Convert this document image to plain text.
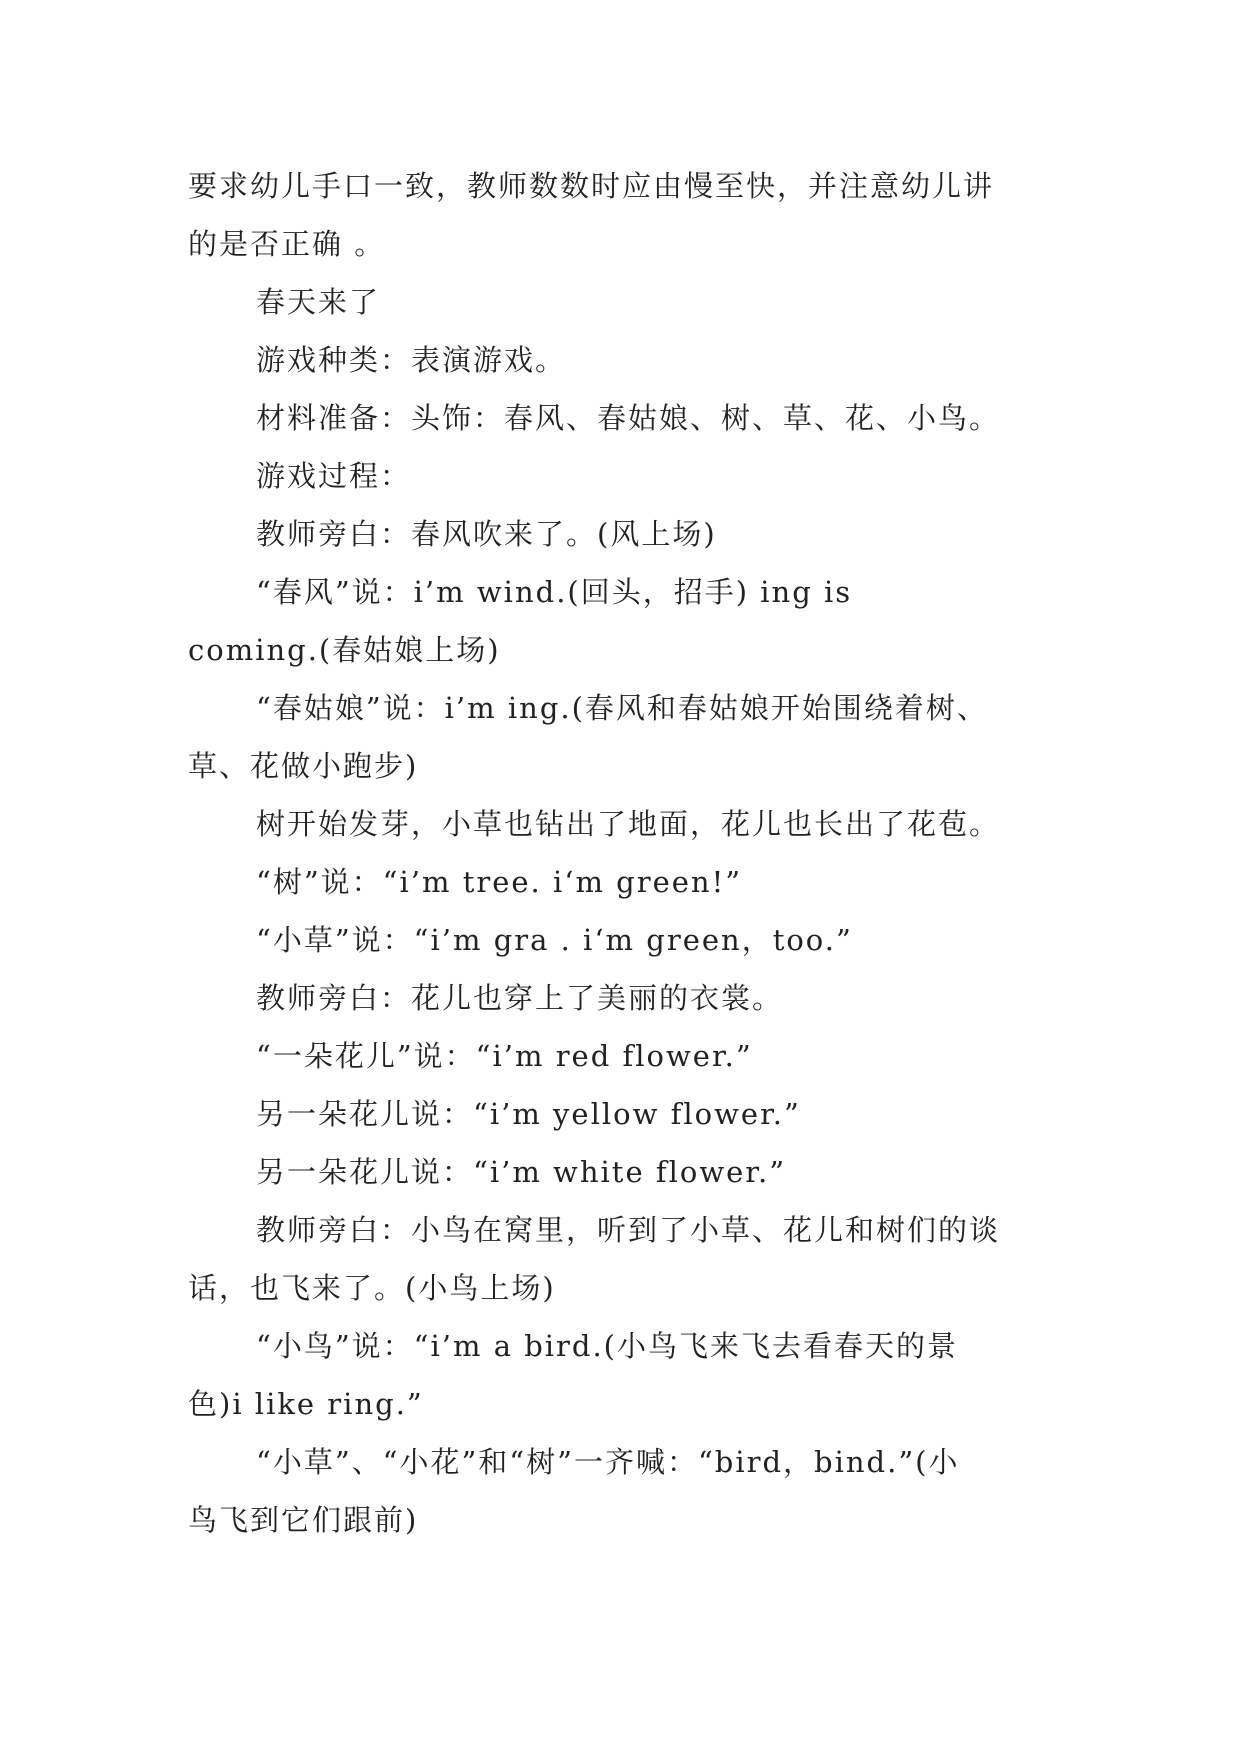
要求幼儿手口一致，教师数数时应由慢至快，并注意幼儿讲

的是否正确 。

春天来了

游戏种类：表演游戏。

材料准备：头饰：春风、春姑娘、树、草、花、小鸟。

游戏过程：

教师旁白：春风吹来了。(风上场)

“春风”说：i’m wind.(回头，招手) ing is

coming.(春姑娘上场)

“春姑娘”说：i’m ing.(春风和春姑娘开始围绕着树、

草、花做小跑步)

树开始发芽，小草也钻出了地面，花儿也长出了花苞。

“树”说：“i’m tree. i‘m green!”

“小草”说：“i’m gra . i‘m green，too.”

教师旁白：花儿也穿上了美丽的衣裳。

“一朵花儿”说：“i’m red flower.”

另一朵花儿说：“i’m yellow flower.”

另一朵花儿说：“i’m white flower.”

教师旁白：小鸟在窝里，听到了小草、花儿和树们的谈

话，也飞来了。(小鸟上场)

“小鸟”说：“i’m a bird.(小鸟飞来飞去看春天的景

色)i like ring.”

“小草”、“小花”和“树”一齐喊：“bird，bind.”(小

鸟飞到它们跟前)
